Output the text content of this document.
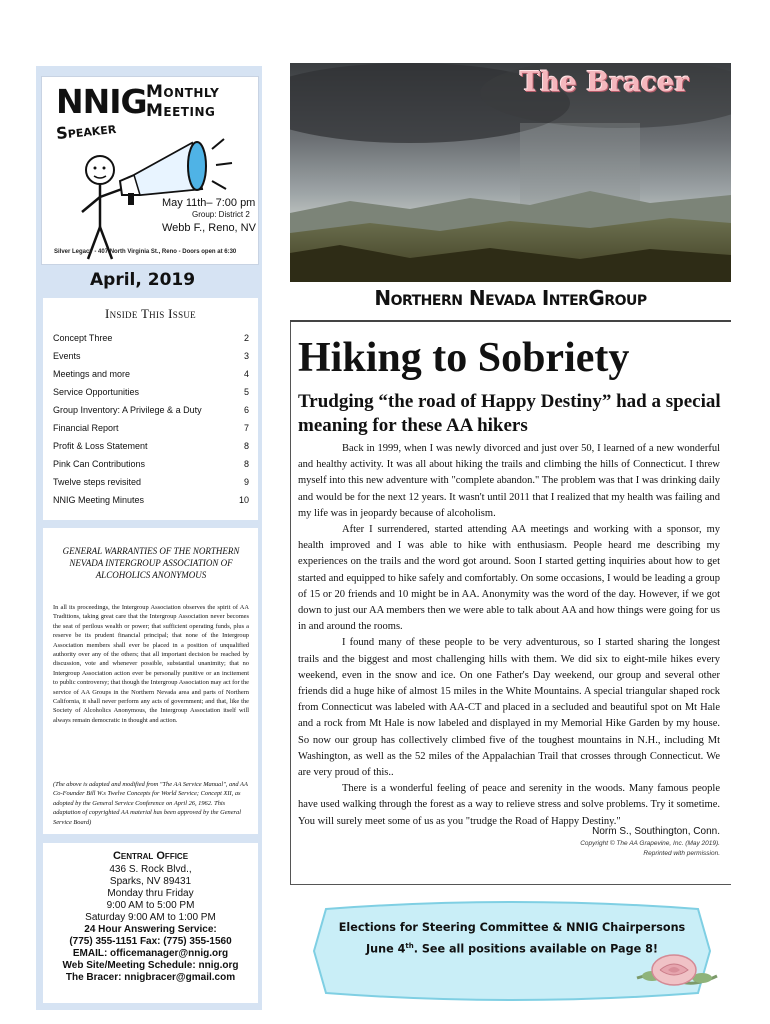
NNIG Monthly
Meeting
Speaker
May 11th– 7:00 pm
Group: District 2
Webb F., Reno, NV
Silver Legacy - 407 North Virginia St., Reno - Doors open at 6:30
April, 2019
Inside This Issue
Concept Three	2
Events	3
Meetings and more	4
Service Opportunities	5
Group Inventory: A Privilege & a Duty	6
Financial Report	7
Profit & Loss Statement	8
Pink Can Contributions	8
Twelve steps revisited	9
NNIG Meeting Minutes	10
GENERAL WARRANTIES OF THE NORTHERN NEVADA INTERGROUP ASSOCIATION OF ALCOHOLICS ANONYMOUS
In all its proceedings, the Intergroup Association observes the spirit of AA Traditions, taking great care that the Intergroup Association never becomes the seat of perilous wealth or power; that sufficient operating funds, plus a reserve be its prudent financial principal; that none of the Intergroup Association members shall ever be placed in a position of unqualified authority over any of the others; that all important decision be reached by discussion, vote and whenever possible, substantial unanimity; that no Intergroup Association action ever be personally punitive or an incitement to public controversy; that though the Intergroup Association may act for the service of AA Groups in the Northern Nevada area and parts of Northern California, it shall never perform any acts of government; and that, like the Society of Alcoholics Anonymous, the Intergroup Association itself will always remain democratic in thought and action.
(The above is adapted and modified from "The AA Service Manual", and AA Co-Founder Bill W.s Twelve Concepts for World Service; Concept XII, as adopted by the General Service Conference on April 26, 1962. This adaptation of copyrighted AA material has been approved by the General Service Board)
Central Office
436 S. Rock Blvd.,
Sparks, NV 89431
Monday thru Friday
9:00 AM to 5:00 PM
Saturday 9:00 AM to 1:00 PM
24 Hour Answering Service:
(775) 355-1151 Fax: (775) 355-1560
EMAIL: officemanager@nnig.org
Web Site/Meeting Schedule: nnig.org
The Bracer: nnigbracer@gmail.com
The Bracer
Northern Nevada InterGroup
Hiking to Sobriety
Trudging “the road of Happy Destiny” had a special meaning for these AA hikers

Back in 1999, when I was newly divorced and just over 50, I learned of a new wonderful and healthy activity. It was all about hiking the trails and climbing the hills of Connecticut. I threw myself into this new adventure with "complete abandon." The problem was that I was drinking daily and would be for the next 12 years. It wasn't until 2011 that I realized that my health was failing and my life was in jeopardy because of alcoholism.

After I surrendered, started attending AA meetings and working with a sponsor, my health improved and I was able to hike with enthusiasm. People heard me describing my experiences on the trails and the word got around. Soon I started getting inquiries about how to get started and equipped to hike safely and comfortably. On some occasions, I would be leading a group of 15 or 20 friends and 10 might be in AA. Anonymity was the word of the day. However, if we got down to just our AA members then we were able to talk about AA and how things were going for us in and around the rooms.

I found many of these people to be very adventurous, so I started sharing the longest trails and the biggest and most challenging hills with them. We did six to eight-mile hikes every weekend, even in the snow and ice. On one Father's Day weekend, our group and several other friends did a huge hike of almost 15 miles in the White Mountains. A special triangular shaped rock from Connecticut was labeled with AA-CT and placed in a secluded and beautiful spot on Mt Hale and a rock from Mt Hale is now labeled and displayed in my Memorial Hike Garden by my house. So now our group has collectively climbed five of the toughest mountains in N.H., including Mt Washington, as well as the 52 miles of the Appalachian Trail that crosses through Connecticut. We are very proud of this..

There is a wonderful feeling of peace and serenity in the woods. Many famous people have used walking through the forest as a way to relieve stress and solve problems. Try it sometime. You will surely meet some of us as you "trudge the Road of Happy Destiny."

Norm S., Southington, Conn.
Copyright © The AA Grapevine, Inc. (May 2019).
Reprinted with permission.
Elections for Steering Committee & NNIG Chairpersons
June 4th. See all positions available on Page 8!
